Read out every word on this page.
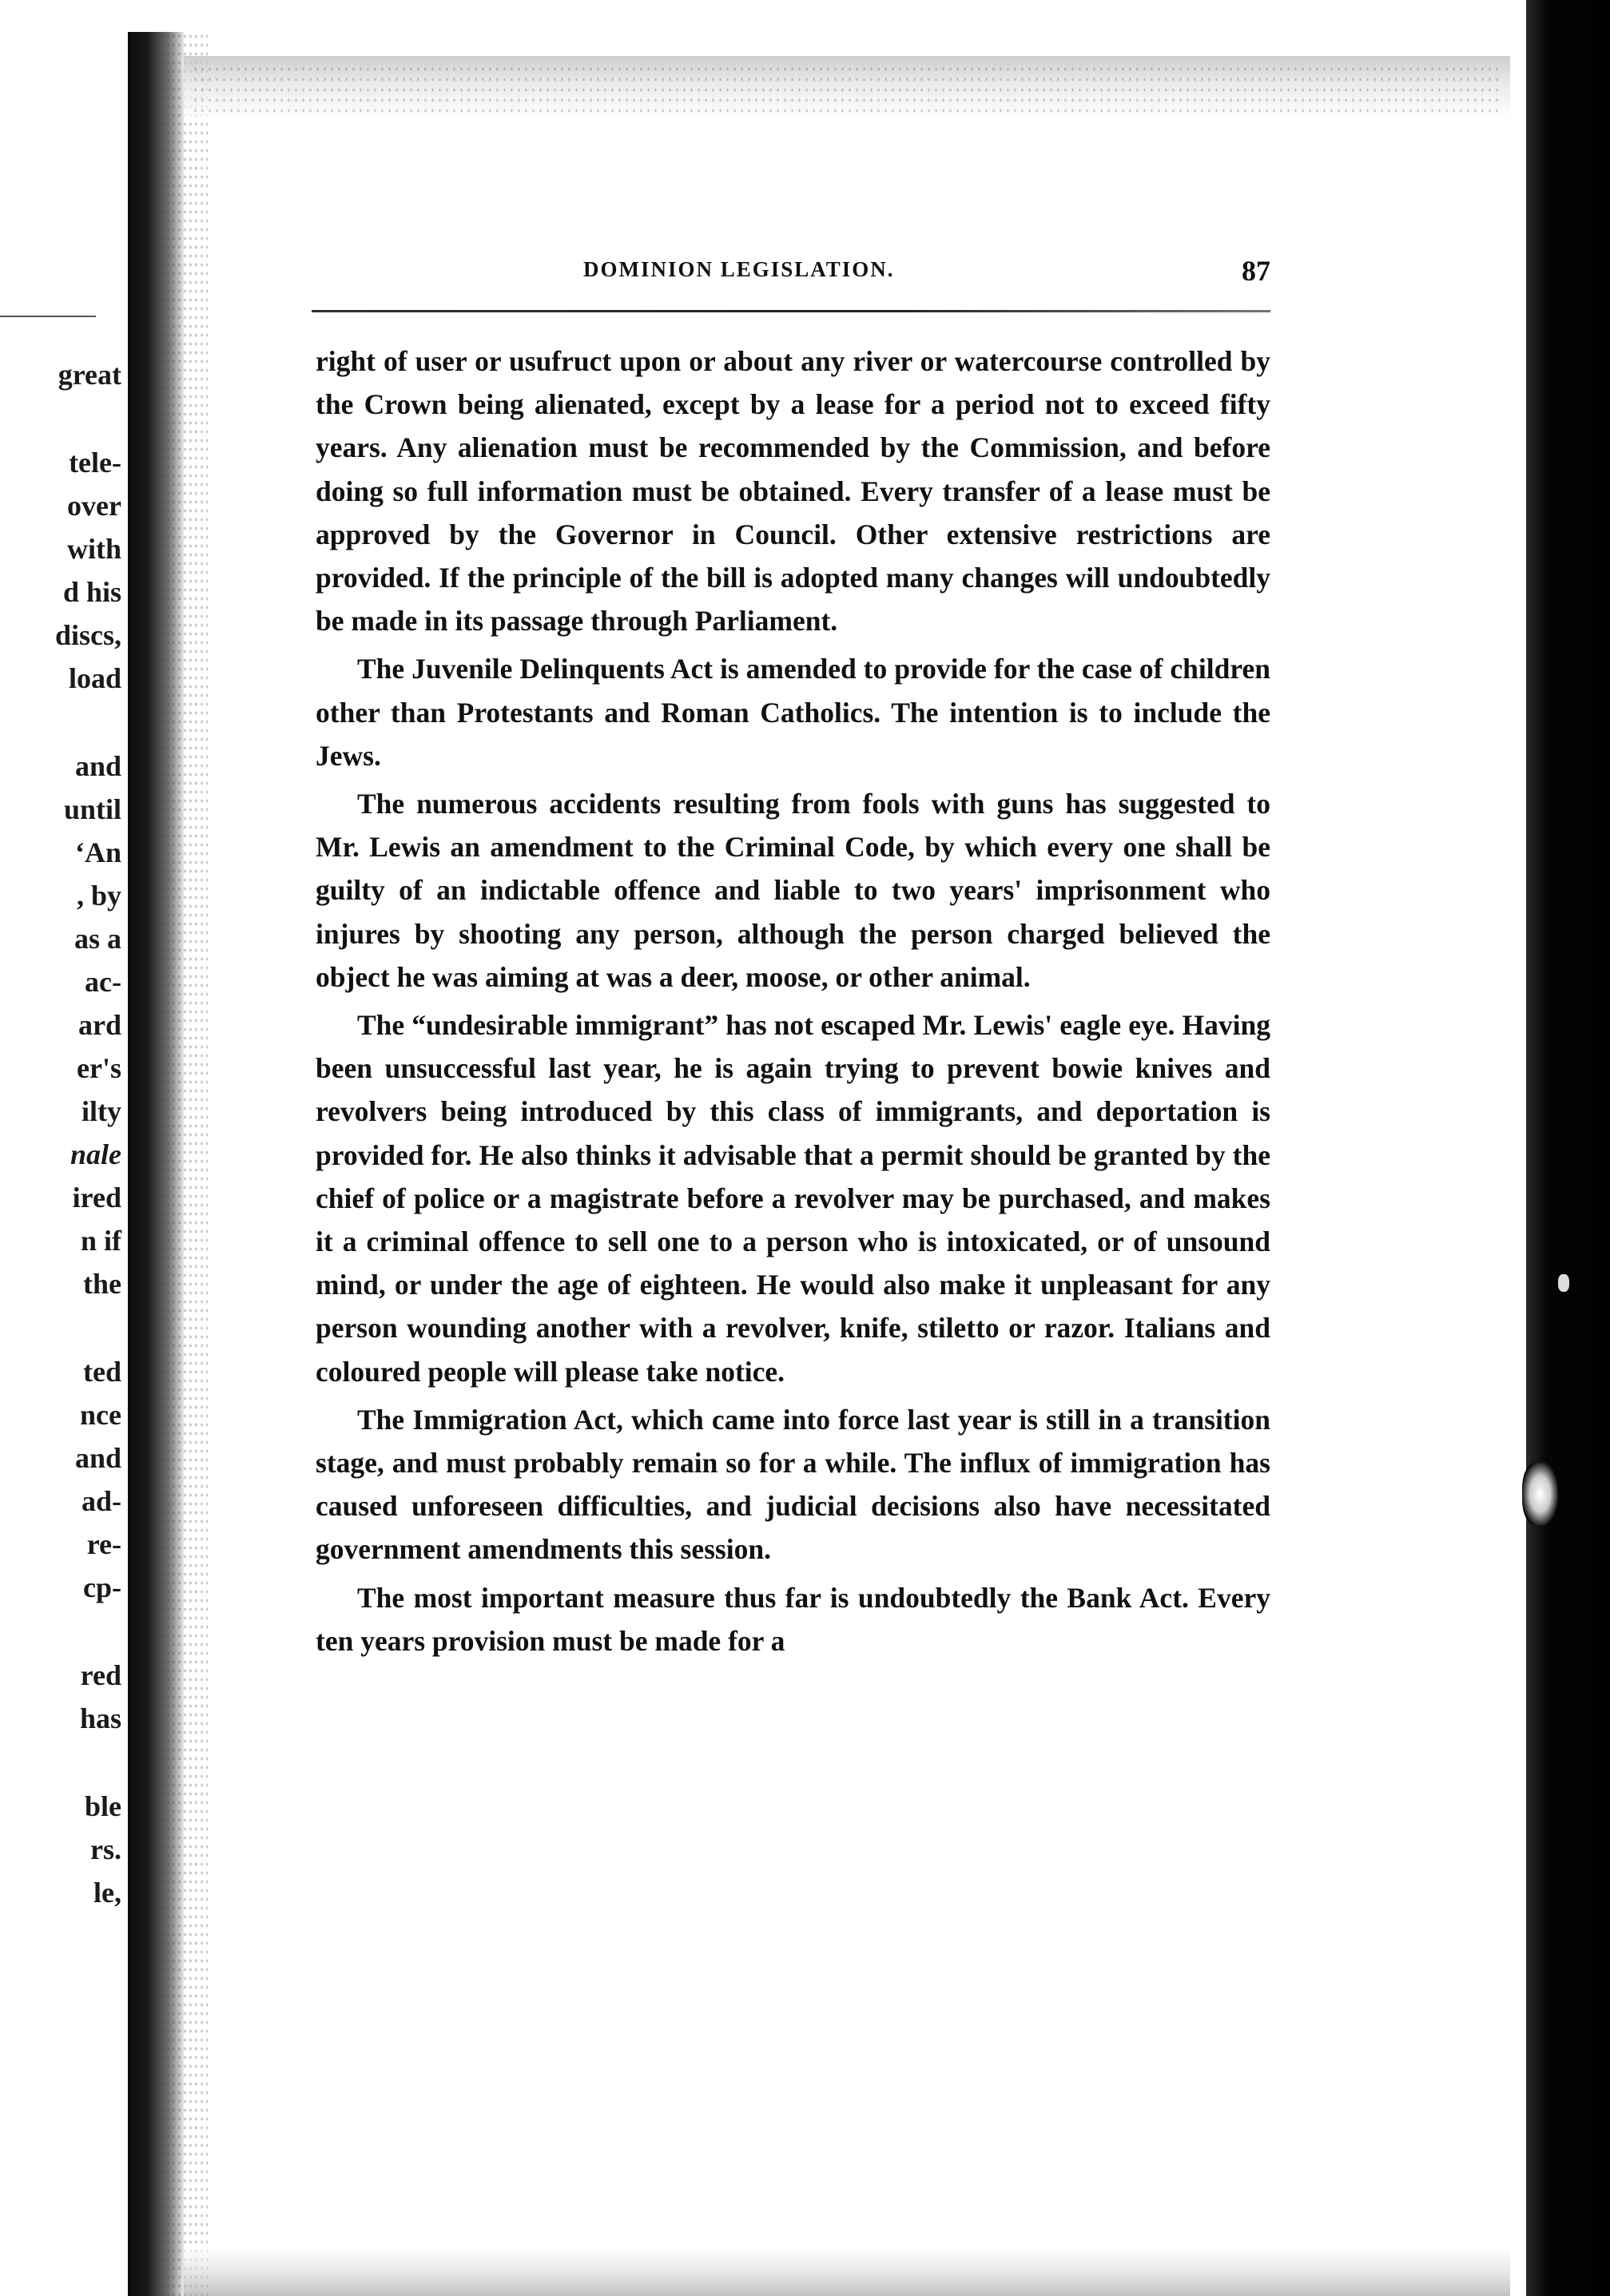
great
tele-
over
with
d his
discs,
load
and
until
‘An
, by
as a
ac-
ard
er's
ilty
nale
ired
n if
the
ted
nce
and
ad-
re-
cp-
red
has
ble
rs.
le,
DOMINION LEGISLATION.	87

right of user or usufruct upon or about any river or watercourse controlled by the Crown being alienated, except by a lease for a period not to exceed fifty years. Any alienation must be recommended by the Commission, and before doing so full information must be obtained. Every transfer of a lease must be approved by the Governor in Council. Other extensive restrictions are provided. If the principle of the bill is adopted many changes will undoubtedly be made in its passage through Parliament.

The Juvenile Delinquents Act is amended to provide for the case of children other than Protestants and Roman Catholics. The intention is to include the Jews.

The numerous accidents resulting from fools with guns has suggested to Mr. Lewis an amendment to the Criminal Code, by which every one shall be guilty of an indictable offence and liable to two years' imprisonment who injures by shooting any person, although the person charged believed the object he was aiming at was a deer, moose, or other animal.

The “undesirable immigrant” has not escaped Mr. Lewis' eagle eye. Having been unsuccessful last year, he is again trying to prevent bowie knives and revolvers being introduced by this class of immigrants, and deportation is provided for. He also thinks it advisable that a permit should be granted by the chief of police or a magistrate before a revolver may be purchased, and makes it a criminal offence to sell one to a person who is intoxicated, or of unsound mind, or under the age of eighteen. He would also make it unpleasant for any person wounding another with a revolver, knife, stiletto or razor. Italians and coloured people will please take notice.

The Immigration Act, which came into force last year is still in a transition stage, and must probably remain so for a while. The influx of immigration has caused unforeseen difficulties, and judicial decisions also have necessitated government amendments this session.

The most important measure thus far is undoubtedly the Bank Act. Every ten years provision must be made for a
